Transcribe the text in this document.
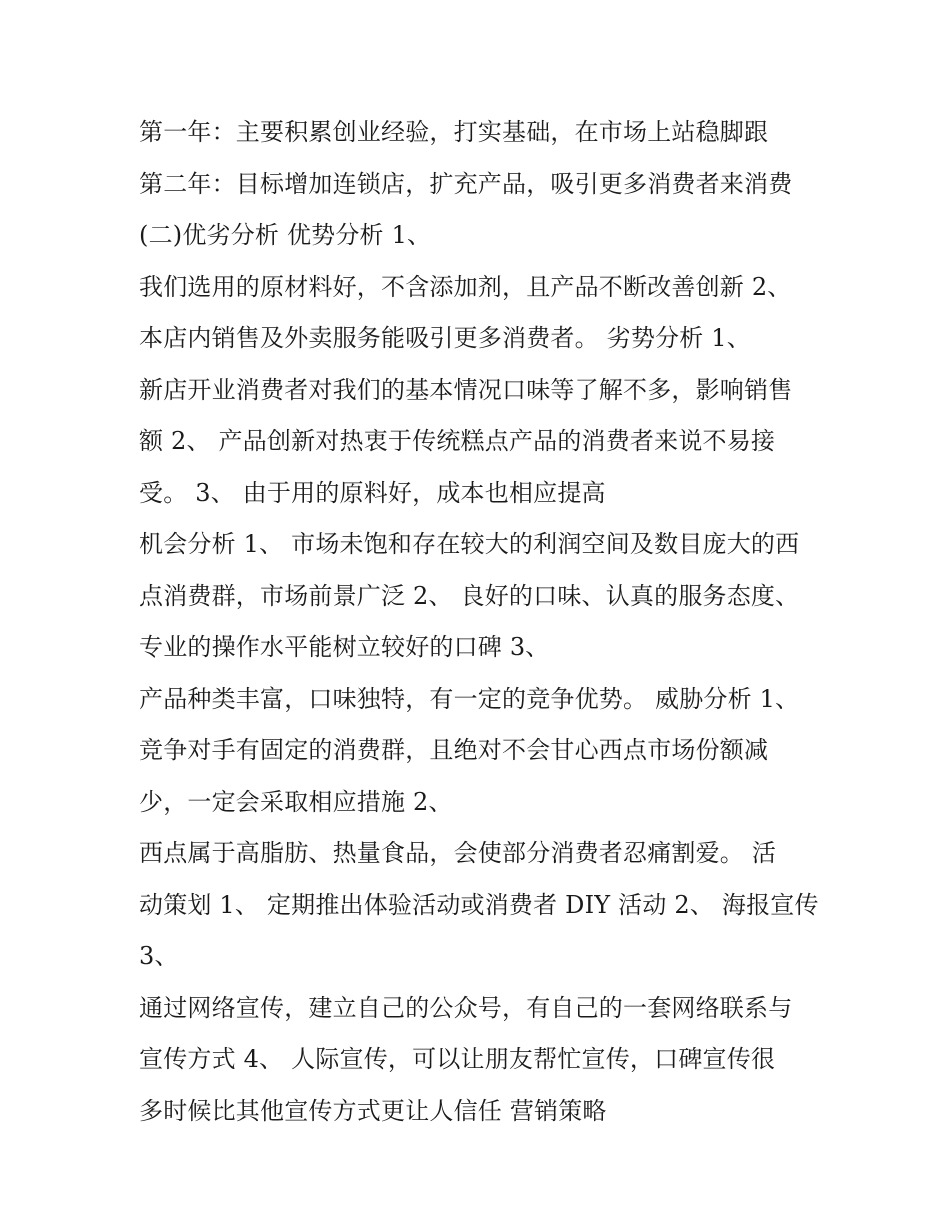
第一年：主要积累创业经验，打实基础，在市场上站稳脚跟
第二年：目标增加连锁店，扩充产品，吸引更多消费者来消费
(二)优劣分析 优势分析 1、
我们选用的原材料好，不含添加剂，且产品不断改善创新 2、
本店内销售及外卖服务能吸引更多消费者。 劣势分析 1、
新店开业消费者对我们的基本情况口味等了解不多，影响销售
额 2、 产品创新对热衷于传统糕点产品的消费者来说不易接
受。 3、 由于用的原料好，成本也相应提高
机会分析 1、 市场未饱和存在较大的利润空间及数目庞大的西
点消费群，市场前景广泛 2、 良好的口味、认真的服务态度、
专业的操作水平能树立较好的口碑 3、
产品种类丰富，口味独特，有一定的竞争优势。 威胁分析 1、
竞争对手有固定的消费群，且绝对不会甘心西点市场份额减
少，一定会采取相应措施 2、
西点属于高脂肪、热量食品，会使部分消费者忍痛割爱。 活
动策划 1、 定期推出体验活动或消费者 DIY 活动 2、 海报宣传
3、
通过网络宣传，建立自己的公众号，有自己的一套网络联系与
宣传方式 4、 人际宣传，可以让朋友帮忙宣传，口碑宣传很
多时候比其他宣传方式更让人信任 营销策略
